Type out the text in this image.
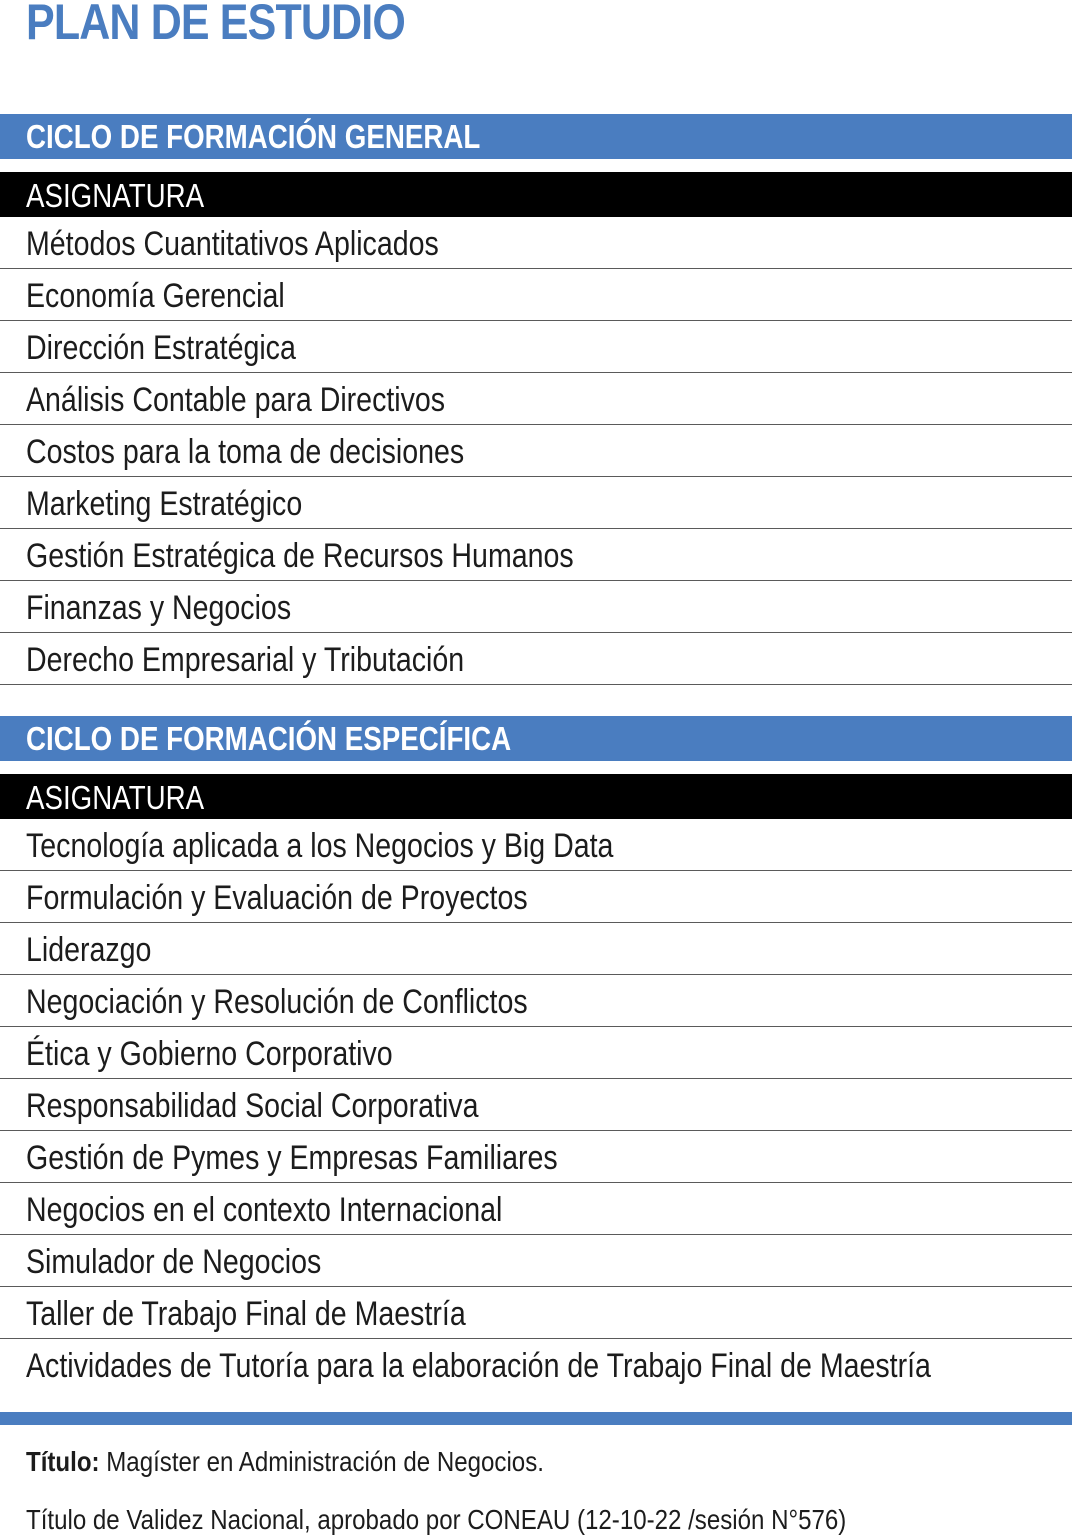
PLAN DE ESTUDIO
CICLO DE FORMACIÓN GENERAL
ASIGNATURA
Métodos Cuantitativos Aplicados
Economía Gerencial
Dirección Estratégica
Análisis Contable para Directivos
Costos para la toma de decisiones
Marketing Estratégico
Gestión Estratégica de Recursos Humanos
Finanzas y Negocios
Derecho Empresarial y Tributación
CICLO DE FORMACIÓN ESPECÍFICA
ASIGNATURA
Tecnología aplicada a los Negocios y Big Data
Formulación y Evaluación de Proyectos
Liderazgo
Negociación y Resolución de Conflictos
Ética y Gobierno Corporativo
Responsabilidad Social Corporativa
Gestión de Pymes y Empresas Familiares
Negocios en el contexto Internacional
Simulador de Negocios
Taller de Trabajo Final de Maestría
Actividades de Tutoría para la elaboración de Trabajo Final de Maestría
Título: Magíster en Administración de Negocios.
Título de Validez Nacional, aprobado por CONEAU (12-10-22 /sesión N°576)
